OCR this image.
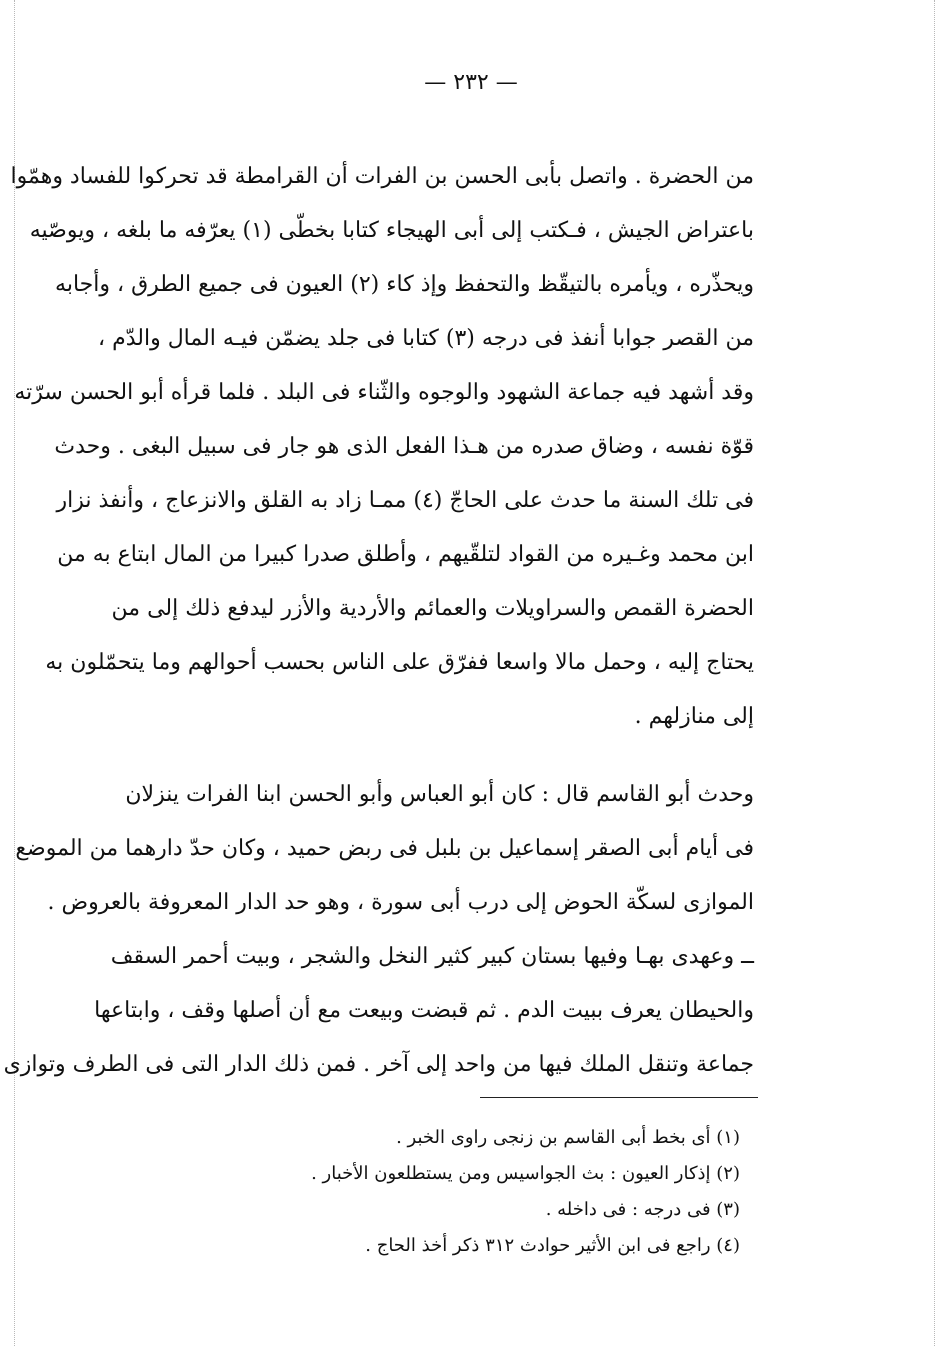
— ٢٣٢ —
من الحضرة . واتصل بأبى الحسن بن الفرات أن القرامطة قد تحركوا للفساد وهمّوا
باعتراض الجيش ، فـكتب إلى أبى الهيجاء كتابا بخطّى (١) يعرّفه ما بلغه ، ويوصّيه
ويحذّره ، ويأمره بالتيقّظ والتحفظ وإذ كاء (٢) العيون فى جميع الطرق ، وأجابه
من القصر جوابا أنفذ فى درجه (٣) كتابا فى جلد يضمّن فيـه المال والدّم ،
وقد أشهد فيه جماعة الشهود والوجوه والثّناء فى البلد . فلما قرأه أبو الحسن سرّته
قوّة نفسه ، وضاق صدره من هـذا الفعل الذى هو جار فى سبيل البغى . وحدث
فى تلك السنة ما حدث على الحاجّ (٤) ممـا زاد به القلق والانزعاج ، وأنفذ نزار
ابن محمد وغـيره من القواد لتلقّيهم ، وأطلق صدرا كبيرا من المال ابتاع به من
الحضرة القمص والسراويلات والعمائم والأردية والأزر ليدفع ذلك إلى من
يحتاج إليه ، وحمل مالا واسعا ففرّق على الناس بحسب أحوالهم وما يتحمّلون به
إلى منازلهم .
وحدث أبو القاسم قال : كان أبو العباس وأبو الحسن ابنا الفرات ينزلان
فى أيام أبى الصقر إسماعيل بن بلبل فى ربض حميد ، وكان حدّ دارهما من الموضع
الموازى لسكّة الحوض إلى درب أبى سورة ، وهو حد الدار المعروفة بالعروض .
ــ وعهدى بهـا وفيها بستان كبير كثير النخل والشجر ، وبيت أحمر السقف
والحيطان يعرف ببيت الدم . ثم قبضت وبيعت مع أن أصلها وقف ، وابتاعها
جماعة وتنقل الملك فيها من واحد إلى آخر . فمن ذلك الدار التى فى الطرف وتوازى
(١) أى بخط أبى القاسم بن زنجى راوى الخبر .
(٢) إذكار العيون : بث الجواسيس ومن يستطلعون الأخبار .
(٣) فى درجه : فى داخله .
(٤) راجع فى ابن الأثير حوادث ٣١٢ ذكر أخذ الحاج .
